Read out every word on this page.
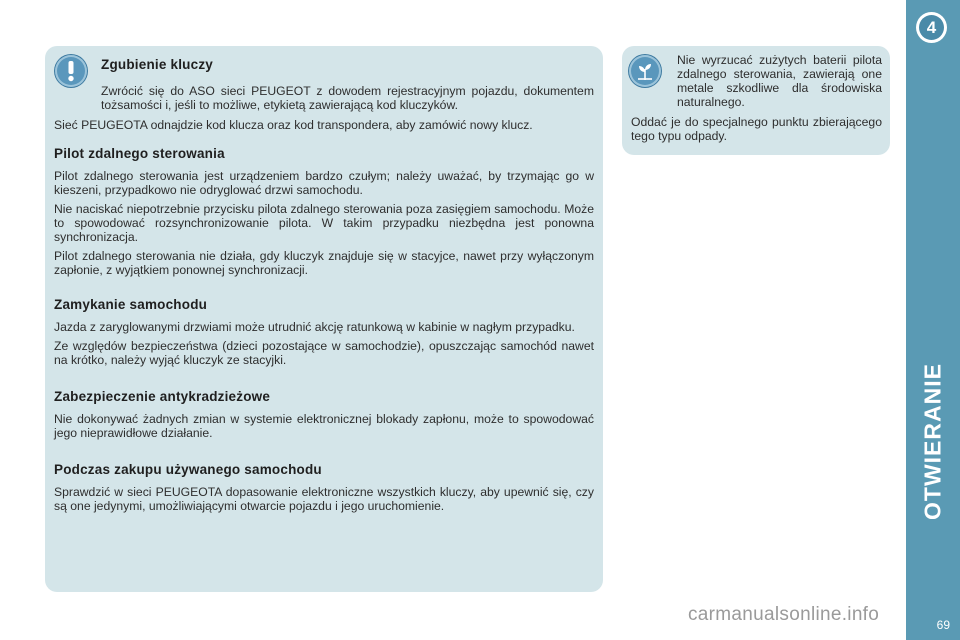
Zgubienie kluczy

Zwrócić się do ASO sieci PEUGEOT z dowodem rejestracyjnym pojazdu, dokumentem tożsamości i, jeśli to możliwe, etykietą zawierającą kod kluczyków.

Sieć PEUGEOTA odnajdzie kod klucza oraz kod transpondera, aby zamówić nowy klucz.

Pilot zdalnego sterowania

Pilot zdalnego sterowania jest urządzeniem bardzo czułym; należy uważać, by trzymając go w kieszeni, przypadkowo nie odryglować drzwi samochodu.

Nie naciskać niepotrzebnie przycisku pilota zdalnego sterowania poza zasięgiem samochodu. Może to spowodować rozsynchronizowanie pilota. W takim przypadku niezbędna jest ponowna synchronizacja.

Pilot zdalnego sterowania nie działa, gdy kluczyk znajduje się w stacyjce, nawet przy wyłączonym zapłonie, z wyjątkiem ponownej synchronizacji.

Zamykanie samochodu

Jazda z zaryglowanymi drzwiami może utrudnić akcję ratunkową w kabinie w nagłym przypadku.

Ze względów bezpieczeństwa (dzieci pozostające w samochodzie), opuszczając samochód nawet na krótko, należy wyjąć kluczyk ze stacyjki.

Zabezpieczenie antykradzieżowe

Nie dokonywać żadnych zmian w systemie elektronicznej blokady zapłonu, może to spowodować jego nieprawidłowe działanie.

Podczas zakupu używanego samochodu

Sprawdzić w sieci PEUGEOTA dopasowanie elektroniczne wszystkich kluczy, aby upewnić się, czy są one jedynymi, umożliwiającymi otwarcie pojazdu i jego uruchomienie.

Nie wyrzucać zużytych baterii pilota zdalnego sterowania, zawierają one metale szkodliwe dla środowiska naturalnego.

Oddać je do specjalnego punktu zbierającego tego typu odpady.

4
OTWIERANIE
69
carmanualsonline.info
